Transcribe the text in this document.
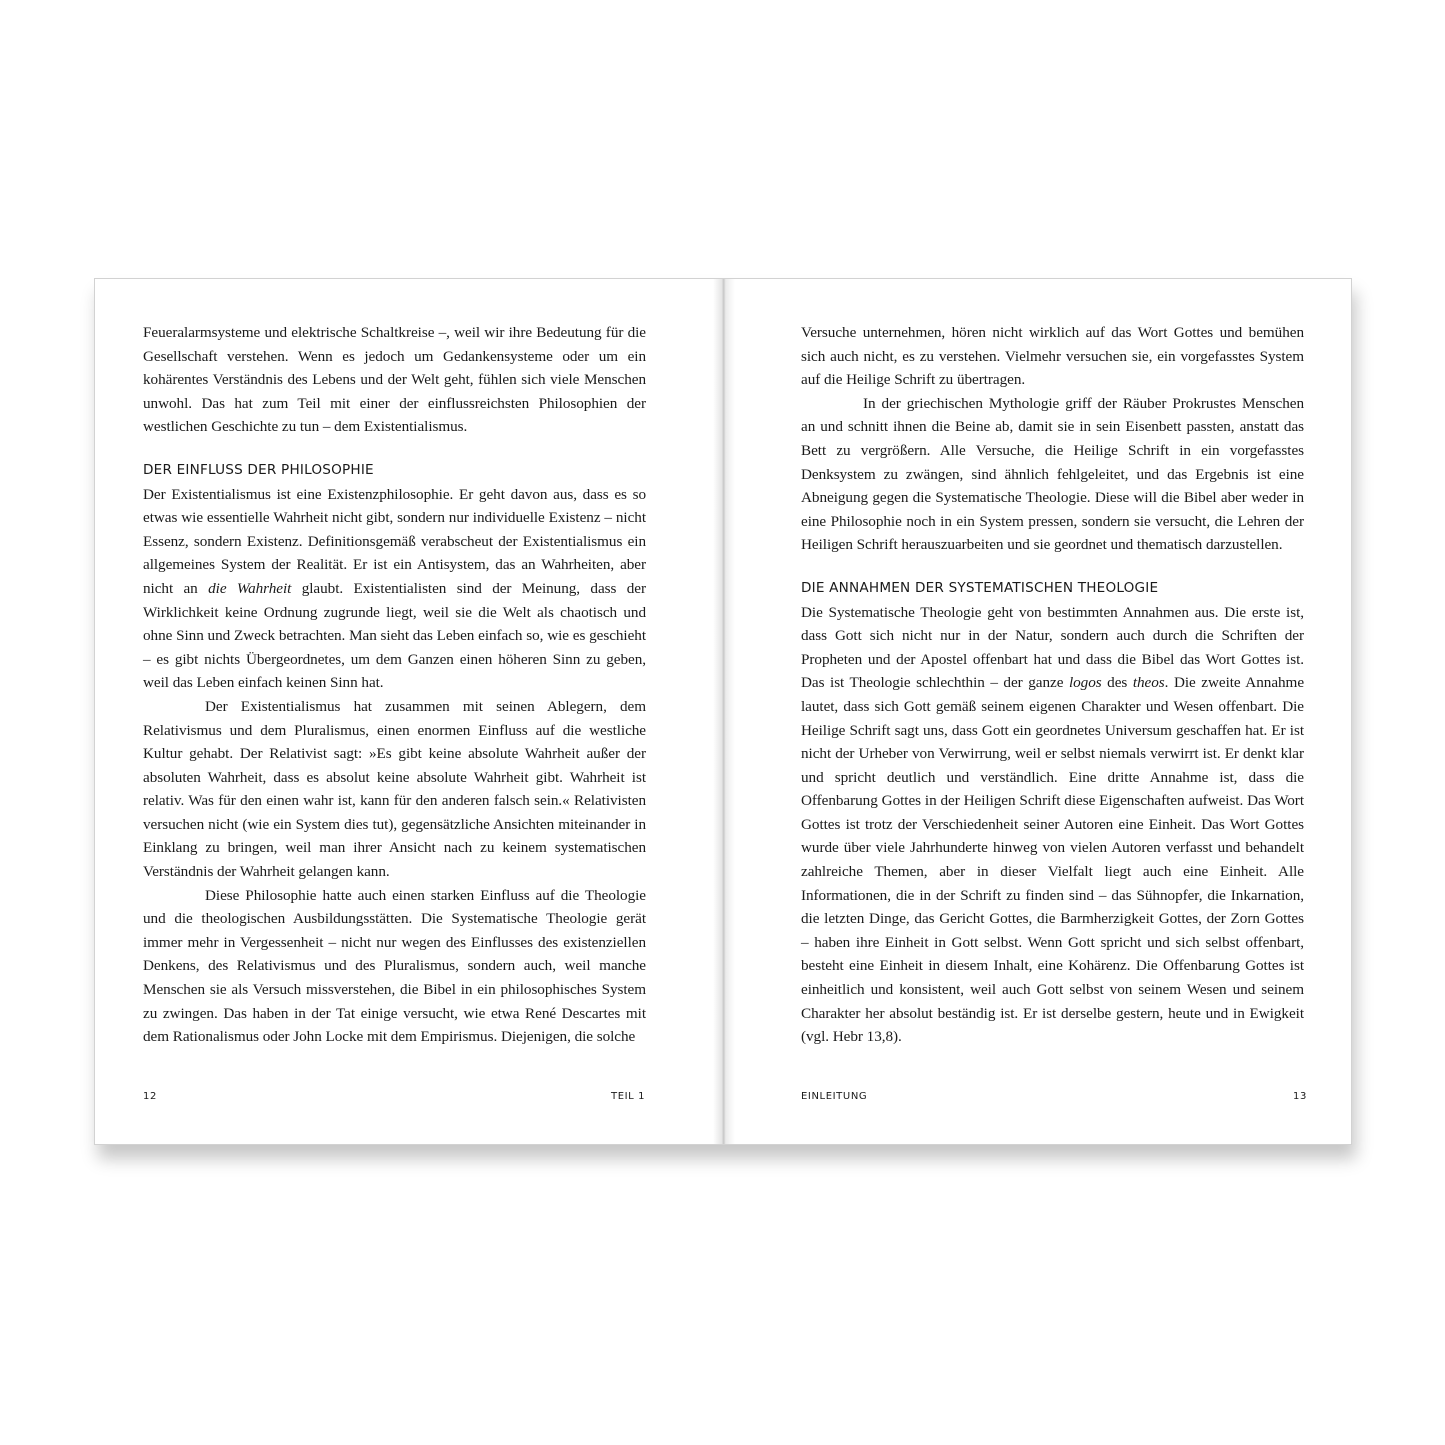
Feueralarmsysteme und elektrische Schaltkreise –, weil wir ihre Bedeutung für die Gesellschaft verstehen. Wenn es jedoch um Gedankensysteme oder um ein kohärentes Verständnis des Lebens und der Welt geht, fühlen sich viele Menschen unwohl. Das hat zum Teil mit einer der einflussreichsten Philosophien der westlichen Geschichte zu tun – dem Existentialismus.

DER EINFLUSS DER PHILOSOPHIE

Der Existentialismus ist eine Existenzphilosophie. Er geht davon aus, dass es so etwas wie essentielle Wahrheit nicht gibt, sondern nur individuelle Existenz – nicht Essenz, sondern Existenz. Definitionsgemäß verabscheut der Existentialismus ein allgemeines System der Realität. Er ist ein Antisystem, das an Wahrheiten, aber nicht an die Wahrheit glaubt. Existentialisten sind der Meinung, dass der Wirklichkeit keine Ordnung zugrunde liegt, weil sie die Welt als chaotisch und ohne Sinn und Zweck betrachten. Man sieht das Leben einfach so, wie es geschieht – es gibt nichts Übergeordnetes, um dem Ganzen einen höheren Sinn zu geben, weil das Leben einfach keinen Sinn hat.

Der Existentialismus hat zusammen mit seinen Ablegern, dem Relativismus und dem Pluralismus, einen enormen Einfluss auf die westliche Kultur gehabt. Der Relativist sagt: »Es gibt keine absolute Wahrheit außer der absoluten Wahrheit, dass es absolut keine absolute Wahrheit gibt. Wahrheit ist relativ. Was für den einen wahr ist, kann für den anderen falsch sein.« Relativisten versuchen nicht (wie ein System dies tut), gegensätzliche Ansichten miteinander in Einklang zu bringen, weil man ihrer Ansicht nach zu keinem systematischen Verständnis der Wahrheit gelangen kann.

Diese Philosophie hatte auch einen starken Einfluss auf die Theologie und die theologischen Ausbildungsstätten. Die Systematische Theologie gerät immer mehr in Vergessenheit – nicht nur wegen des Einflusses des existenziellen Denkens, des Relativismus und des Pluralismus, sondern auch, weil manche Menschen sie als Versuch missverstehen, die Bibel in ein philosophisches System zu zwingen. Das haben in der Tat einige versucht, wie etwa René Descartes mit dem Rationalismus oder John Locke mit dem Empirismus. Diejenigen, die solche

12	TEIL 1

Versuche unternehmen, hören nicht wirklich auf das Wort Gottes und bemühen sich auch nicht, es zu verstehen. Vielmehr versuchen sie, ein vorgefasstes System auf die Heilige Schrift zu übertragen.

In der griechischen Mythologie griff der Räuber Prokrustes Menschen an und schnitt ihnen die Beine ab, damit sie in sein Eisenbett passten, anstatt das Bett zu vergrößern. Alle Versuche, die Heilige Schrift in ein vorgefasstes Denksystem zu zwängen, sind ähnlich fehlgeleitet, und das Ergebnis ist eine Abneigung gegen die Systematische Theologie. Diese will die Bibel aber weder in eine Philosophie noch in ein System pressen, sondern sie versucht, die Lehren der Heiligen Schrift herauszuarbeiten und sie geordnet und thematisch darzustellen.

DIE ANNAHMEN DER SYSTEMATISCHEN THEOLOGIE

Die Systematische Theologie geht von bestimmten Annahmen aus. Die erste ist, dass Gott sich nicht nur in der Natur, sondern auch durch die Schriften der Propheten und der Apostel offenbart hat und dass die Bibel das Wort Gottes ist. Das ist Theologie schlechthin – der ganze logos des theos. Die zweite Annahme lautet, dass sich Gott gemäß seinem eigenen Charakter und Wesen offenbart. Die Heilige Schrift sagt uns, dass Gott ein geordnetes Universum geschaffen hat. Er ist nicht der Urheber von Verwirrung, weil er selbst niemals verwirrt ist. Er denkt klar und spricht deutlich und verständlich. Eine dritte Annahme ist, dass die Offenbarung Gottes in der Heiligen Schrift diese Eigenschaften aufweist. Das Wort Gottes ist trotz der Verschiedenheit seiner Autoren eine Einheit. Das Wort Gottes wurde über viele Jahrhunderte hinweg von vielen Autoren verfasst und behandelt zahlreiche Themen, aber in dieser Vielfalt liegt auch eine Einheit. Alle Informationen, die in der Schrift zu finden sind – das Sühnopfer, die Inkarnation, die letzten Dinge, das Gericht Gottes, die Barmherzigkeit Gottes, der Zorn Gottes – haben ihre Einheit in Gott selbst. Wenn Gott spricht und sich selbst offenbart, besteht eine Einheit in diesem Inhalt, eine Kohärenz. Die Offenbarung Gottes ist einheitlich und konsistent, weil auch Gott selbst von seinem Wesen und seinem Charakter her absolut beständig ist. Er ist derselbe gestern, heute und in Ewigkeit (vgl. Hebr 13,8).

EINLEITUNG	13
